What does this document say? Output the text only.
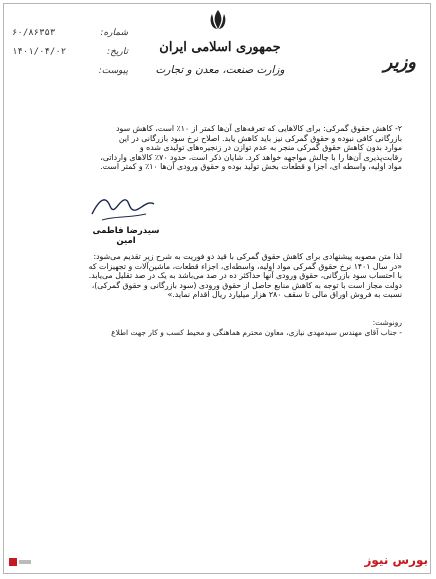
جمهوری اسلامی ایران
وزارت صنعت، معدن و تجارت	وزیر
شماره:
۶۰/۸۶۳۵۳
تاریخ:
۱۴۰۱/۰۴/۰۲
پیوست:

۲- کاهش حقوق گمرکی: برای کالاهایی که تعرفه‌های آن‌ها کمتر از ۱۰٪ است، کاهش سود

بازرگانی کافی نبوده و حقوق گمرکی نیز باید کاهش یابد. اصلاح نرخ سود بازرگانی در این

موارد بدون کاهش حقوق گمرکی منجر به عدم توازن در زنجیره‌های تولیدی شده و

رقابت‌پذیری آن‌ها را با چالش مواجهه خواهد کرد. شایان ذکر است، حدود ۷۰٪ کالاهای وارداتی،

مواد اولیه، واسطه ای، اجزا و قطعات بخش تولید بوده و حقوق ورودی آن‌ها ۱۰٪ و کمتر است.

سید‌رضا فاطمی امین

لذا متن مصوبه پیشنهادی برای کاهش حقوق گمرکی با قید دو فوریت به شرح زیر تقدیم می‌شود:

«در سال ۱۴۰۱ نرخ حقوق گمرکی مواد اولیه، واسطه‌ای، اجزاء قطعات، ماشین‌آلات و تجهیزات که

با احتساب سود بازرگانی، حقوق ورودی آنها حداکثر ده در صد می‌باشد به یک در صد تقلیل می‌یابد.

دولت مجاز است با توجه به کاهش منابع حاصل از حقوق ورودی (سود بازرگانی و حقوق گمرکی)،

نسبت به فروش اوراق مالی تا سقف ۲۸۰ هزار میلیارد ریال اقدام نماید.»

رونوشت:
- جناب آقای مهندس سیدمهدی نیازی، معاون محترم هماهنگی و محیط کسب و کار جهت اطلاع
بورس نیوز
